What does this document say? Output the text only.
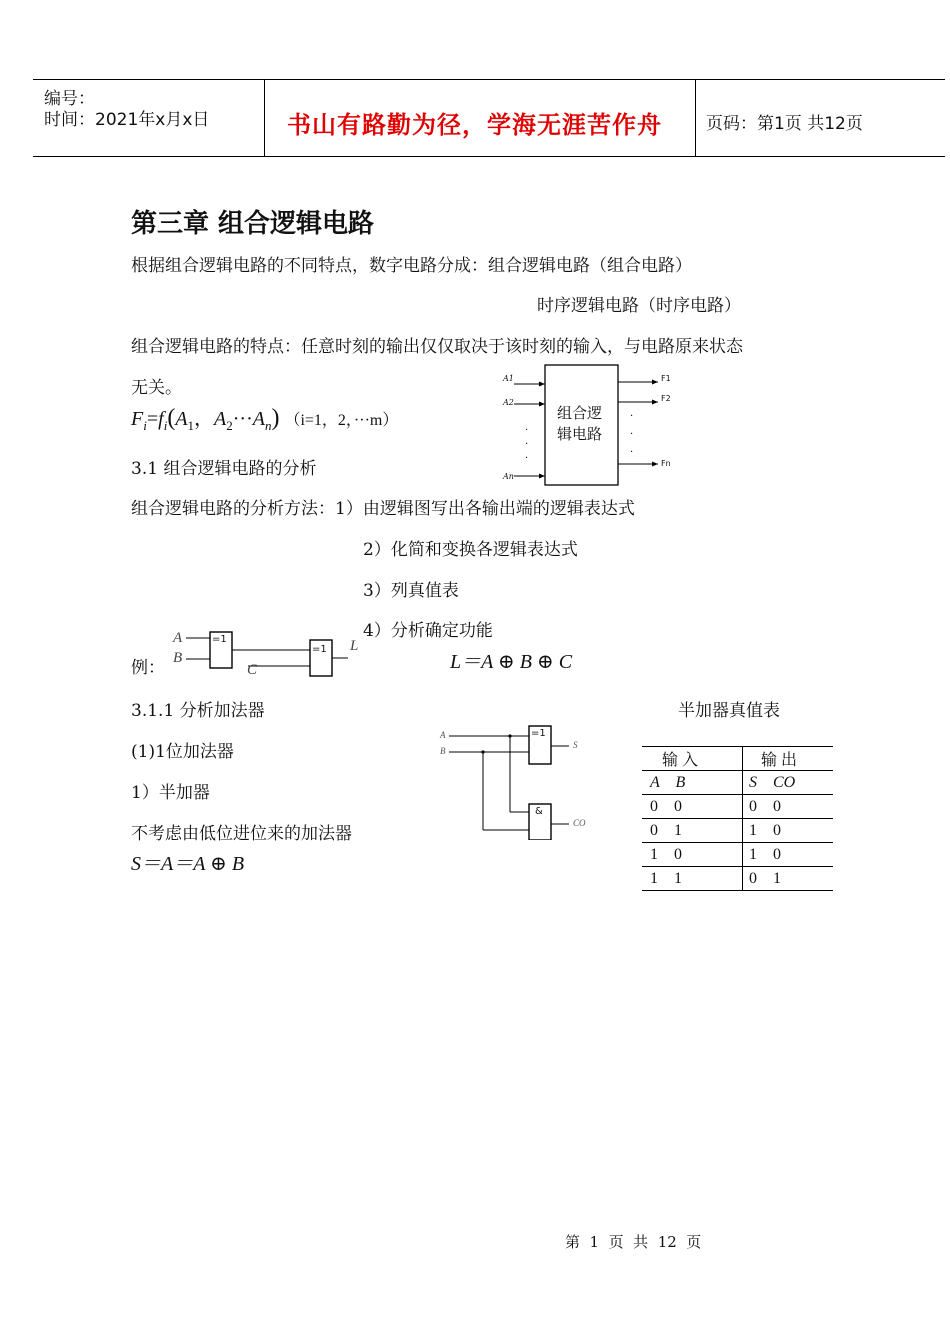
编号：
时间：2021年x月x日	书山有路勤为径，学海无涯苦作舟	页码：第1页 共12页
第三章 组合逻辑电路
根据组合逻辑电路的不同特点，数字电路分成：组合逻辑电路（组合电路）
时序逻辑电路（时序电路）
组合逻辑电路的特点：任意时刻的输出仅仅取决于该时刻的输入，与电路原来状态
无关。
$F_i=f_i(A_1$，$A_2\cdot\cdot\cdot A_n$) （i=1，2，···m）	.
.
.
.
.
.
组合逻
辑电路
A1
A2
An
F1
F2
Fn
3.1 组合逻辑电路的分析
组合逻辑电路的分析方法：1）由逻辑图写出各输出端的逻辑表达式
2）化简和变换各逻辑表达式
3）列真值表
4）分析确定功能
例：
A
B
C
L
=1
=1
L＝A ⊕ B ⊕ C
3.1.1 分析加法器	半加器真值表
(1)1位加法器
1）半加器
不考虑由低位进位来的加法器
S＝A＝A ⊕ B
A
B
=1
&
S
CO
输 入	输 出
A    B	S    CO
0    0	0    0
0    1	1    0
1    0	1    0
1    1	0    1
第  1  页  共  12  页
